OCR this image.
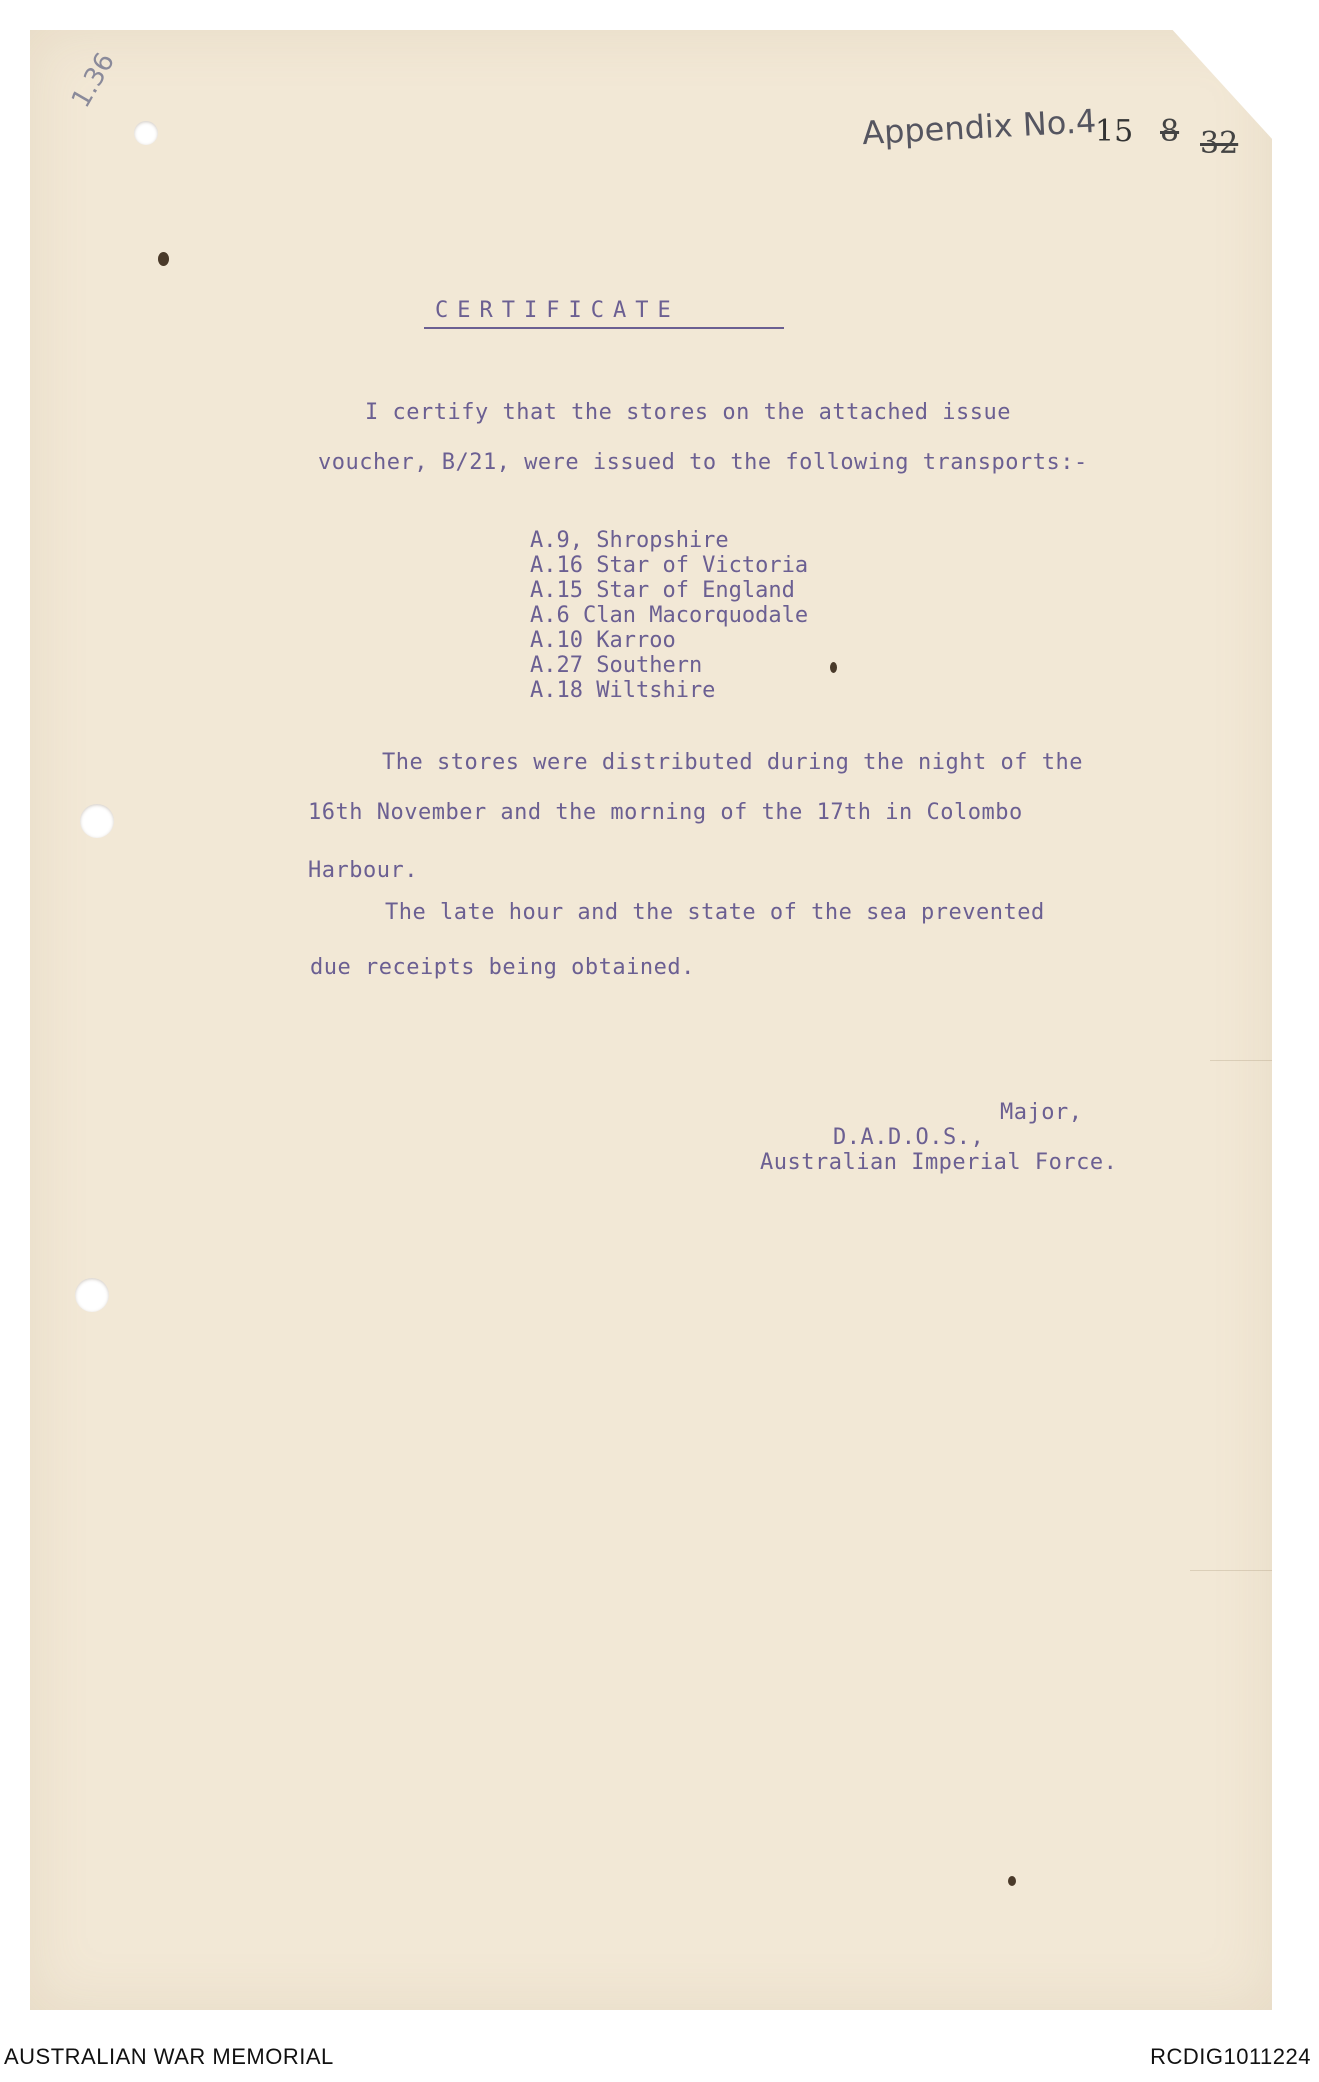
1.36
Appendix No.4
15 8 32
CERTIFICATE
I certify that the stores on the attached issue
voucher, B/21, were issued to the following transports:-
A.9, Shropshire
A.16 Star of Victoria
A.15 Star of England
A.6 Clan Macorquodale
A.10 Karroo
A.27 Southern
A.18 Wiltshire
The stores were distributed during the night of the
16th November and the morning of the 17th in Colombo
Harbour.
The late hour and the state of the sea prevented
due receipts being obtained.
Major,
D.A.D.O.S.,
Australian Imperial Force.
AUSTRALIAN WAR MEMORIAL	RCDIG1011224
